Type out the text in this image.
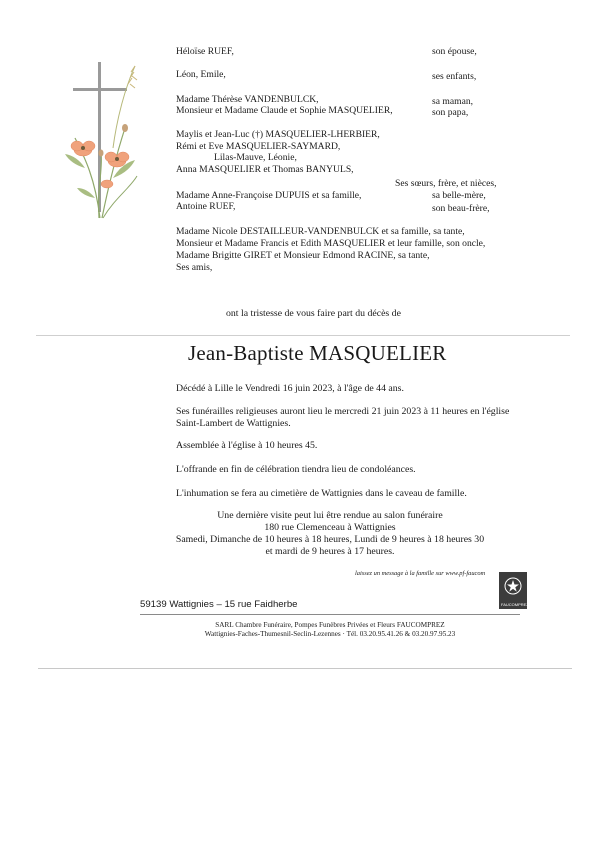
Héloïse RUEF,	son épouse,
Léon, Emile,	ses enfants,
Madame Thérèse VANDENBULCK,	sa maman,
Monsieur et Madame Claude et Sophie MASQUELIER,	son papa,
Maylis et Jean-Luc (†) MASQUELIER-LHERBIER,
Rémi et Eve MASQUELIER-SAYMARD,
Lilas-Mauve, Léonie,
Anna MASQUELIER et Thomas BANYULS,
Ses sœurs, frère, et nièces,
Madame Anne-Françoise DUPUIS et sa famille,	sa belle-mère,
Antoine RUEF,	son beau-frère,
Madame Nicole DESTAILLEUR-VANDENBULCK et sa famille, sa tante,
Monsieur et Madame Francis et Edith MASQUELIER et leur famille, son oncle,
Madame Brigitte GIRET et Monsieur Edmond RACINE, sa tante,
Ses amis,
ont la tristesse de vous faire part du décès de
Jean-Baptiste MASQUELIER
Décédé à Lille le Vendredi 16 juin 2023, à l'âge de 44 ans.
Ses funérailles religieuses auront lieu le mercredi 21 juin 2023 à 11 heures en l'église
Saint-Lambert de Wattignies.
Assemblée à l'église à 10 heures 45.
L'offrande en fin de célébration tiendra lieu de condoléances.
L'inhumation se fera au cimetière de Wattignies dans le caveau de famille.
Une dernière visite peut lui être rendue au salon funéraire
180 rue Clemenceau à Wattignies
Samedi, Dimanche de 10 heures à 18 heures, Lundi de 9 heures à 18 heures 30
et mardi de 9 heures à 17 heures.
laissez un message à la famille sur www.pf-faucom
FAUCOMPREZ
59139 Wattignies – 15 rue Faidherbe
SARL Chambre Funéraire, Pompes Funèbres Privées et Fleurs FAUCOMPREZ
Wattignies-Faches-Thumesnil-Seclin-Lezennes · Tél. 03.20.95.41.26 & 03.20.97.95.23
